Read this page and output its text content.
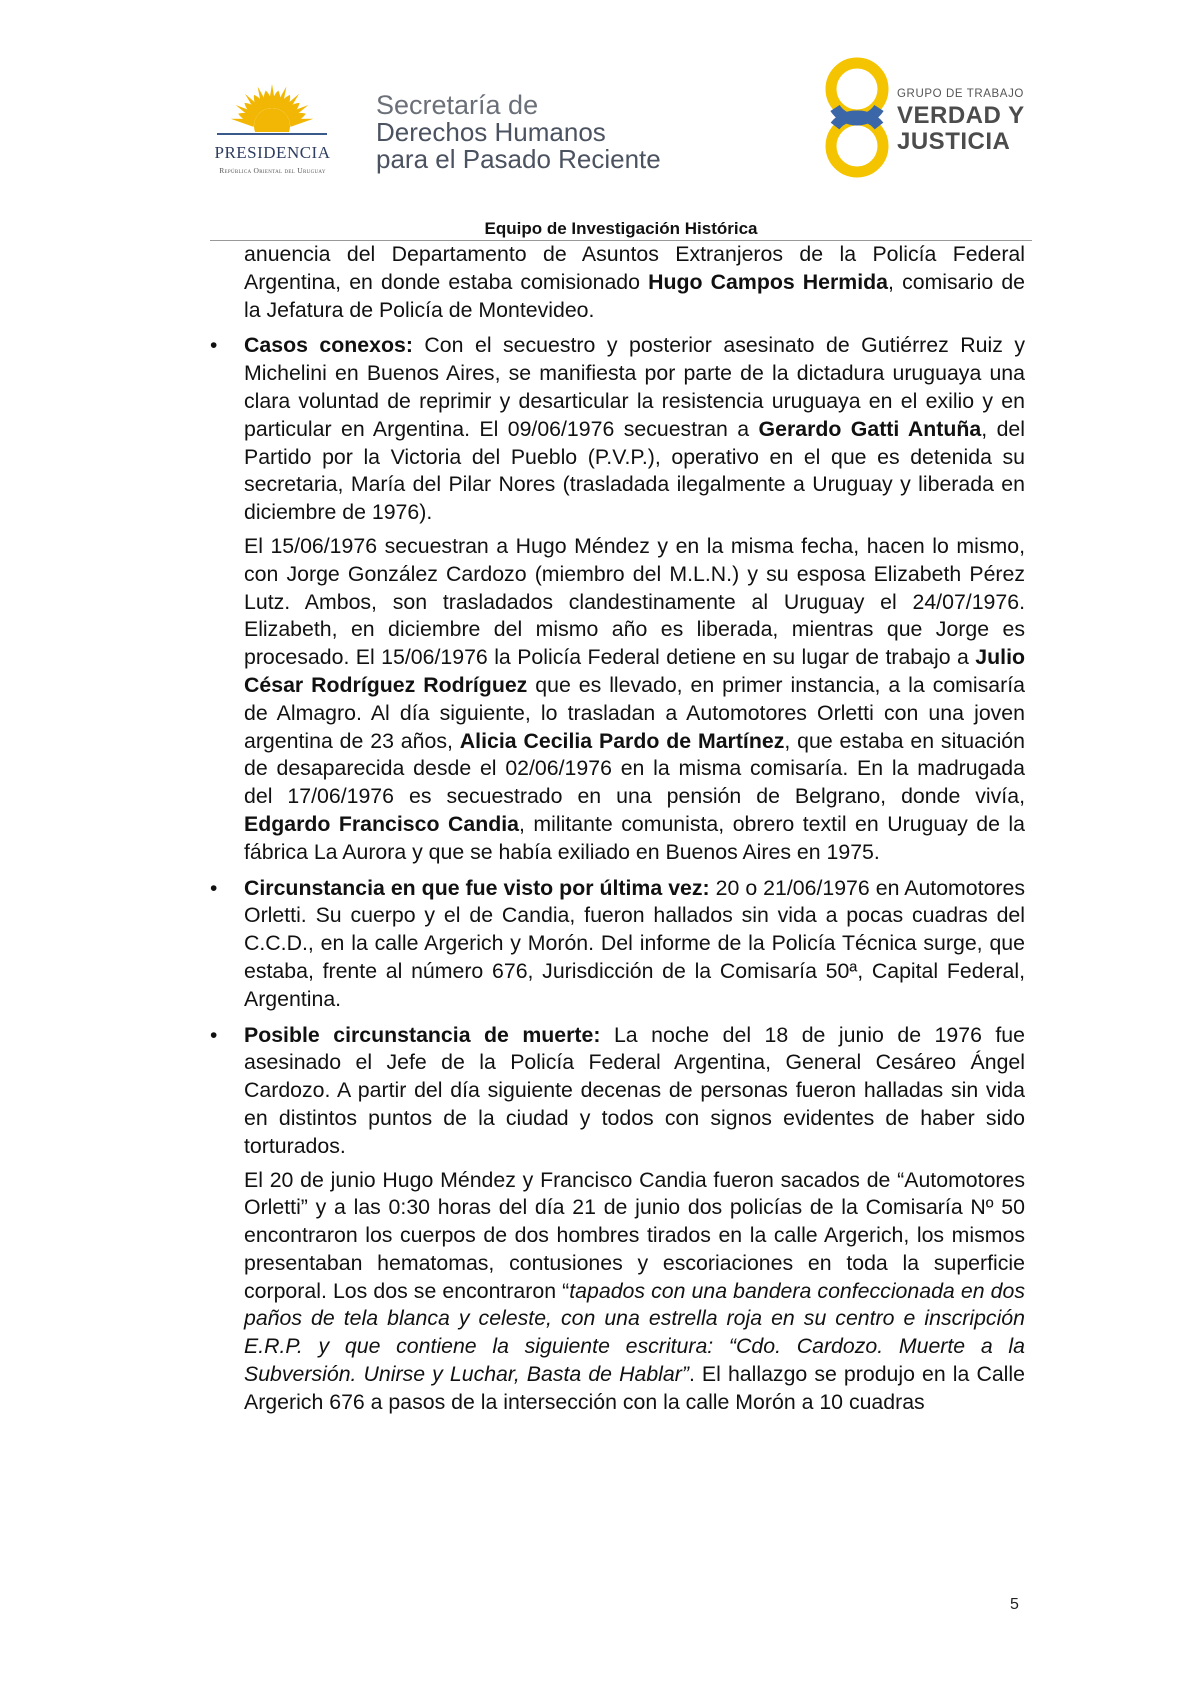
PRESIDENCIA
República Oriental del Uruguay
Secretaría de
Derechos Humanos
para el Pasado Reciente
GRUPO DE TRABAJO
VERDAD Y
JUSTICIA
Equipo de Investigación Histórica

anuencia del Departamento de Asuntos Extranjeros de la Policía Federal Argentina, en donde estaba comisionado Hugo Campos Hermida, comisario de la Jefatura de Policía de Montevideo.

• Casos conexos: Con el secuestro y posterior asesinato de Gutiérrez Ruiz y Michelini en Buenos Aires, se manifiesta por parte de la dictadura uruguaya una clara voluntad de reprimir y desarticular la resistencia uruguaya en el exilio y en particular en Argentina. El 09/06/1976 secuestran a Gerardo Gatti Antuña, del Partido por la Victoria del Pueblo (P.V.P.), operativo en el que es detenida su secretaria, María del Pilar Nores (trasladada ilegalmente a Uruguay y liberada en diciembre de 1976).

El 15/06/1976 secuestran a Hugo Méndez y en la misma fecha, hacen lo mismo, con Jorge González Cardozo (miembro del M.L.N.) y su esposa Elizabeth Pérez Lutz. Ambos, son trasladados clandestinamente al Uruguay el 24/07/1976. Elizabeth, en diciembre del mismo año es liberada, mientras que Jorge es procesado. El 15/06/1976 la Policía Federal detiene en su lugar de trabajo a Julio César Rodríguez Rodríguez que es llevado, en primer instancia, a la comisaría de Almagro. Al día siguiente, lo trasladan a Automotores Orletti con una joven argentina de 23 años, Alicia Cecilia Pardo de Martínez, que estaba en situación de desaparecida desde el 02/06/1976 en la misma comisaría. En la madrugada del 17/06/1976 es secuestrado en una pensión de Belgrano, donde vivía, Edgardo Francisco Candia, militante comunista, obrero textil en Uruguay de la fábrica La Aurora y que se había exiliado en Buenos Aires en 1975.

• Circunstancia en que fue visto por última vez: 20 o 21/06/1976 en Automotores Orletti. Su cuerpo y el de Candia, fueron hallados sin vida a pocas cuadras del C.C.D., en la calle Argerich y Morón. Del informe de la Policía Técnica surge, que estaba, frente al número 676, Jurisdicción de la Comisaría 50ª, Capital Federal, Argentina.

• Posible circunstancia de muerte: La noche del 18 de junio de 1976 fue asesinado el Jefe de la Policía Federal Argentina, General Cesáreo Ángel Cardozo. A partir del día siguiente decenas de personas fueron halladas sin vida en distintos puntos de la ciudad y todos con signos evidentes de haber sido torturados.

El 20 de junio Hugo Méndez y Francisco Candia fueron sacados de “Automotores Orletti” y a las 0:30 horas del día 21 de junio dos policías de la Comisaría Nº 50 encontraron los cuerpos de dos hombres tirados en la calle Argerich, los mismos presentaban hematomas, contusiones y escoriaciones en toda la superficie corporal. Los dos se encontraron “tapados con una bandera confeccionada en dos paños de tela blanca y celeste, con una estrella roja en su centro e inscripción E.R.P. y que contiene la siguiente escritura: “Cdo. Cardozo. Muerte a la Subversión. Unirse y Luchar, Basta de Hablar”. El hallazgo se produjo en la Calle Argerich 676 a pasos de la intersección con la calle Morón a 10 cuadras

5
